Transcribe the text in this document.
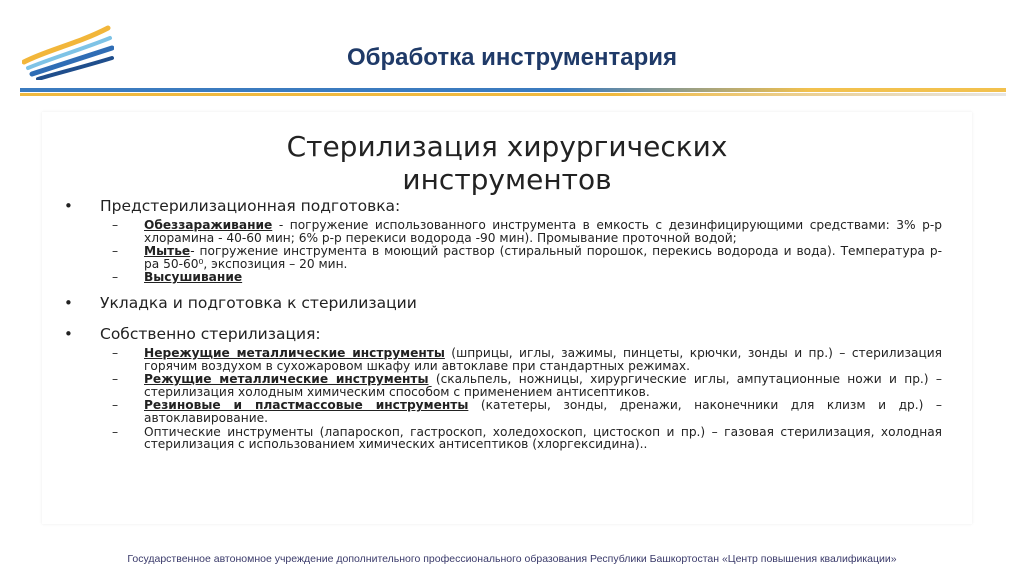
Обработка инструментария
Стерилизация хирургических
инструментов
• Предстерилизационная подготовка:
– Обеззараживание - погружение использованного инструмента в емкость с дезинфицирующими средствами: 3% р-р хлорамина - 40-60 мин; 6% р-р перекиси водорода -90 мин). Промывание проточной водой;
– Мытье- погружение инструмента в моющий раствор (стиральный порошок, перекись водорода и вода). Температура р-ра 50-60⁰, экспозиция – 20 мин.
– Высушивание
• Укладка и подготовка к стерилизации
• Собственно стерилизация:
– Нережущие металлические инструменты (шприцы, иглы, зажимы, пинцеты, крючки, зонды и пр.) – стерилизация горячим воздухом в сухожаровом шкафу или автоклаве при стандартных режимах.
– Режущие металлические инструменты (скальпель, ножницы, хирургические иглы, ампутационные ножи и пр.) – стерилизация холодным химическим способом с применением антисептиков.
– Резиновые и пластмассовые инструменты (катетеры, зонды, дренажи, наконечники для клизм и др.) – автоклавирование.
– Оптические инструменты (лапароскоп, гастроскоп, холедохоскоп, цистоскоп и пр.) – газовая стерилизация, холодная стерилизация с использованием химических антисептиков (хлоргексидина)..
Государственное автономное учреждение дополнительного профессионального образования Республики Башкортостан «Центр повышения квалификации»
